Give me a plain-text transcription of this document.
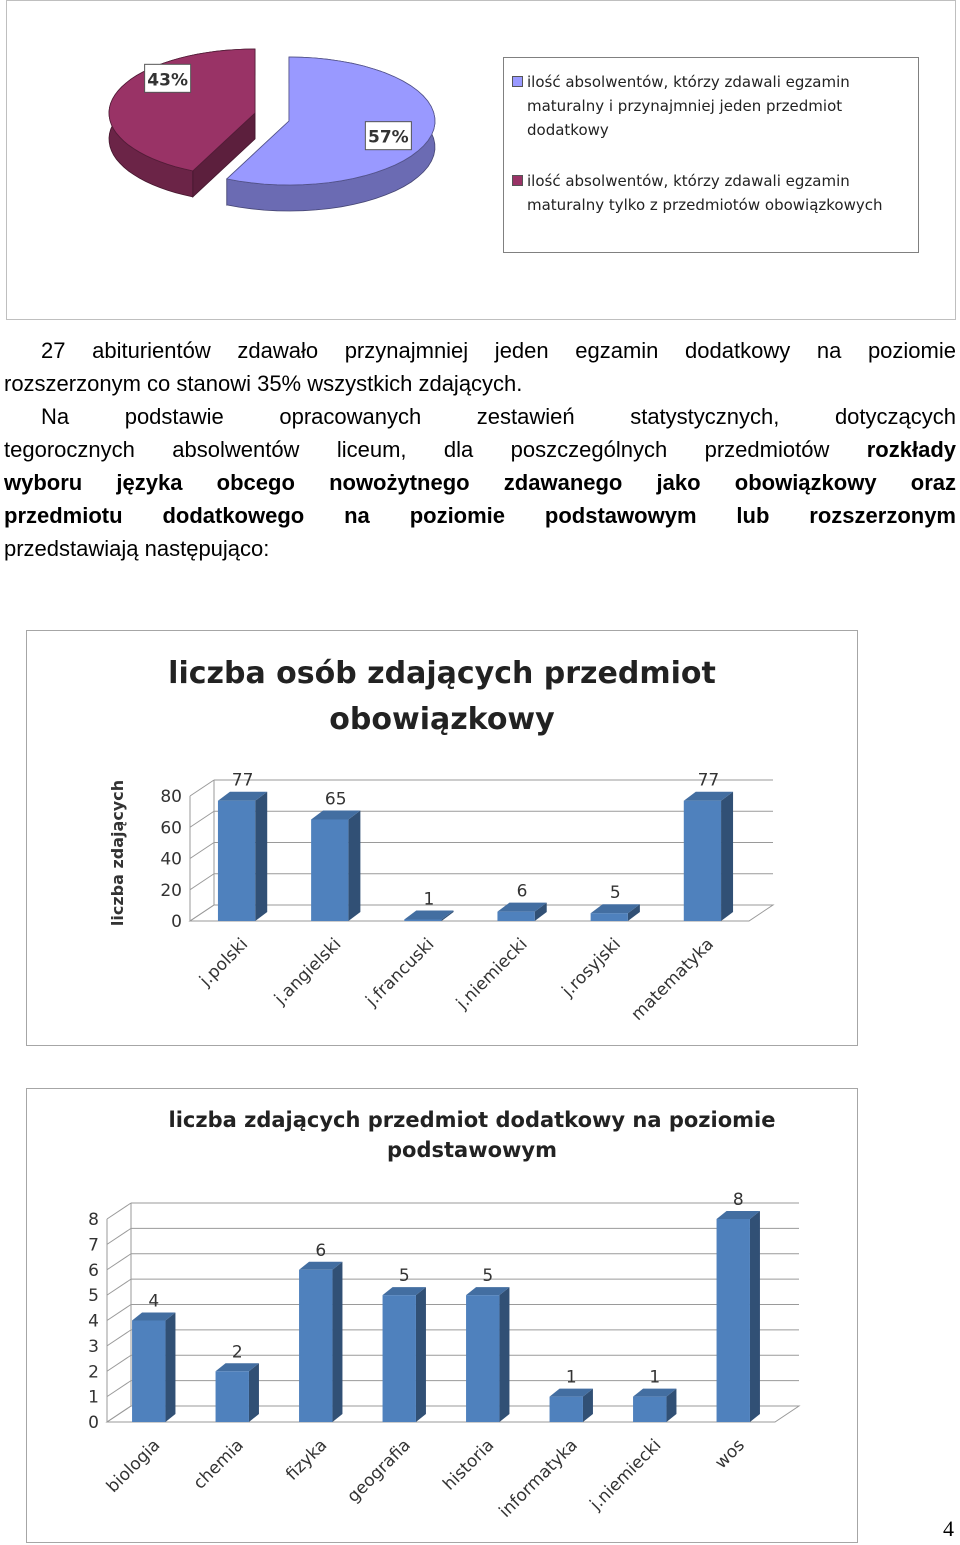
57%
43%	ilość absolwentów, którzy zdawali egzamin
maturalny i przynajmniej jeden przedmiot
dodatkowy
ilość absolwentów, którzy zdawali egzamin
maturalny tylko z przedmiotów obowiązkowych
27 abiturientów zdawało przynajmniej jeden egzamin dodatkowy na poziomie
rozszerzonym co stanowi 35% wszystkich zdających.
Na podstawie opracowanych zestawień statystycznych, dotyczących
tegorocznych absolwentów liceum, dla poszczególnych przedmiotów rozkłady
wyboru języka obcego nowożytnego zdawanego jako obowiązkowy oraz
przedmiotu dodatkowego na poziomie podstawowym lub rozszerzonym
przedstawiają następująco:
liczba osób zdających przedmiot
obowiązkowy
0
20
40
60
80
liczba zdających	77
j.polski
65
j.angielski
1
j.francuski
6
j.niemiecki
5
j.rosyjski
77
matematyka
liczba zdających przedmiot dodatkowy na poziomie
podstawowym
0
1
2
3
4
5
6
7
8
4
biologia
2
chemia
6
fizyka
5
geografia
5
historia
1
informatyka
1
j.niemiecki
8
wos
4
